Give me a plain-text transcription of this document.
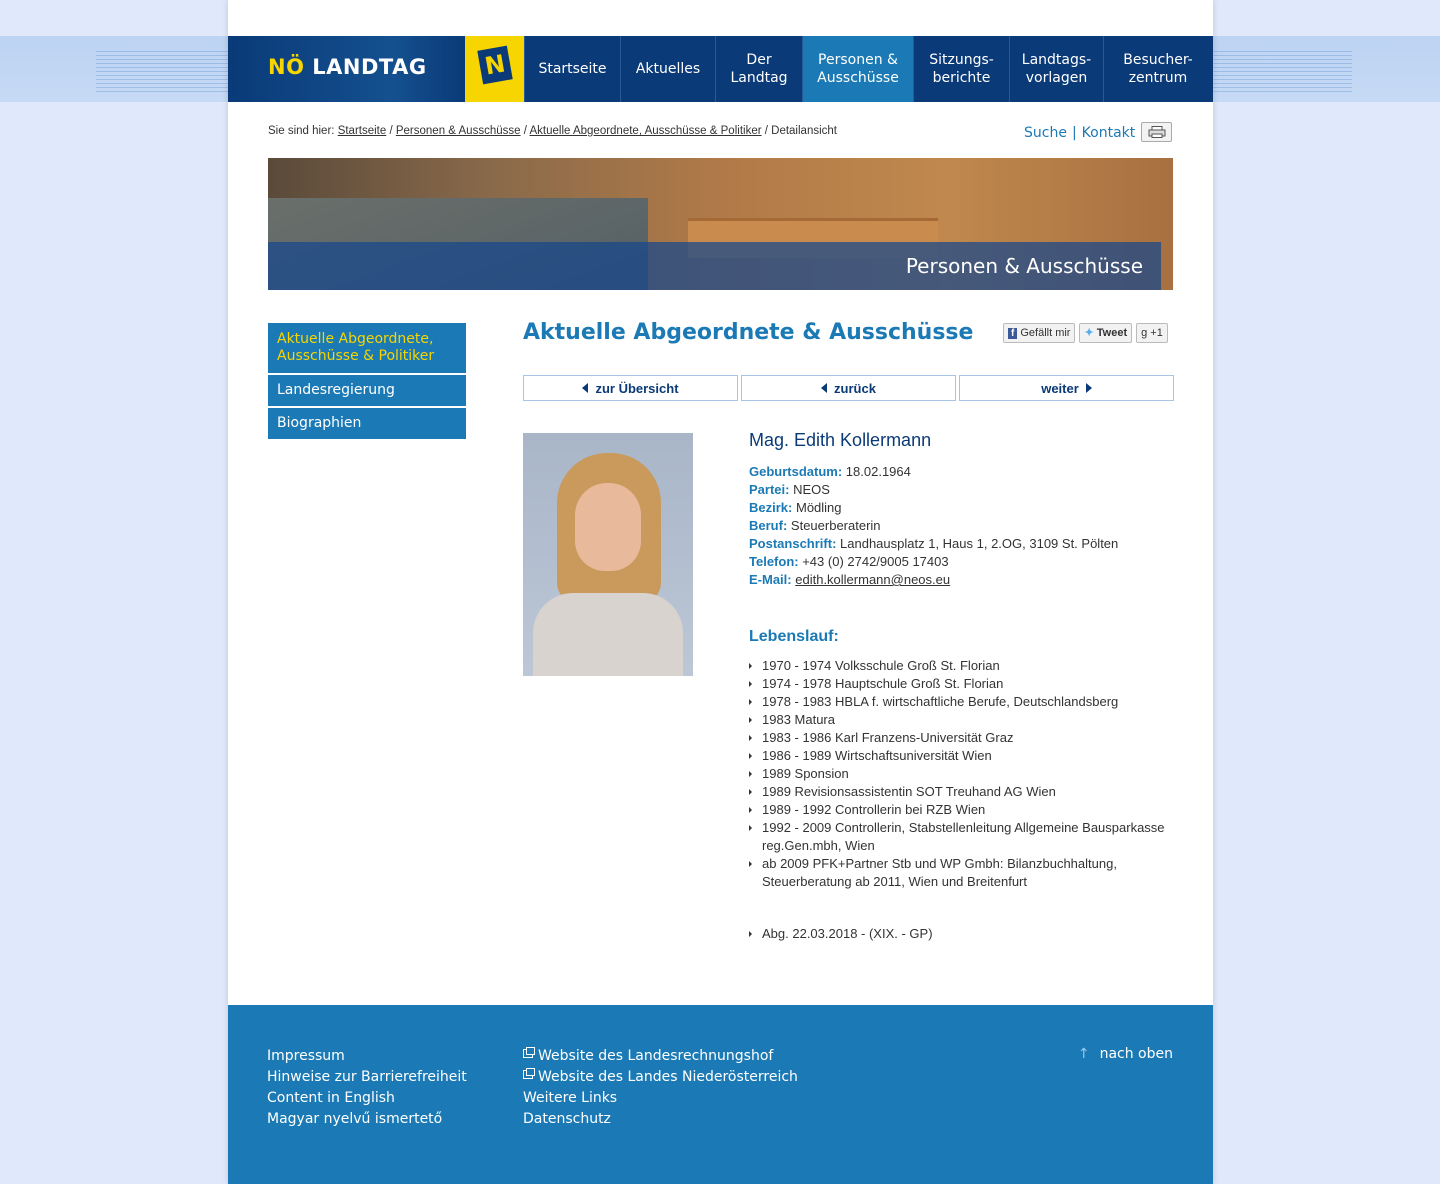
NÖ LANDTAG N	Startseite	Aktuelles
Der
Landtag
Personen &
Ausschüsse
Sitzungs-
berichte
Landtags-
vorlagen
Besucher-
zentrum
Sie sind hier: Startseite / Personen & Ausschüsse / Aktuelle Abgeordnete, Ausschüsse & Politiker / Detailansicht	Suche | Kontakt
Personen & Ausschüsse
Aktuelle Abgeordnete,
Ausschüsse & Politiker
Landesregierung
Biographien
Aktuelle Abgeordnete & Ausschüsse	f Gefällt mir	✦ Tweet	g +1
zur Übersicht	zurück	weiter
Mag. Edith Kollermann
Geburtsdatum: 18.02.1964
Partei: NEOS
Bezirk: Mödling
Beruf: Steuerberaterin
Postanschrift: Landhausplatz 1, Haus 1, 2.OG, 3109 St. Pölten
Telefon: +43 (0) 2742/9005 17403
E-Mail: edith.kollermann@neos.eu
Lebenslauf:
1970 - 1974 Volksschule Groß St. Florian
1974 - 1978 Hauptschule Groß St. Florian
1978 - 1983 HBLA f. wirtschaftliche Berufe, Deutschlandsberg
1983 Matura
1983 - 1986 Karl Franzens-Universität Graz
1986 - 1989 Wirtschaftsuniversität Wien
1989 Sponsion
1989 Revisionsassistentin SOT Treuhand AG Wien
1989 - 1992 Controllerin bei RZB Wien
1992 - 2009 Controllerin, Stabstellenleitung Allgemeine Bausparkasse reg.Gen.mbh, Wien
ab 2009 PFK+Partner Stb und WP Gmbh: Bilanzbuchhaltung, Steuerberatung ab 2011, Wien und Breitenfurt
Abg. 22.03.2018 - (XIX. - GP)
Impressum
Hinweise zur Barrierefreiheit
Content in English
Magyar nyelvű ismertető
Website des Landesrechnungshof
Website des Landes Niederösterreich
Weitere Links
Datenschutz
↑ nach oben
